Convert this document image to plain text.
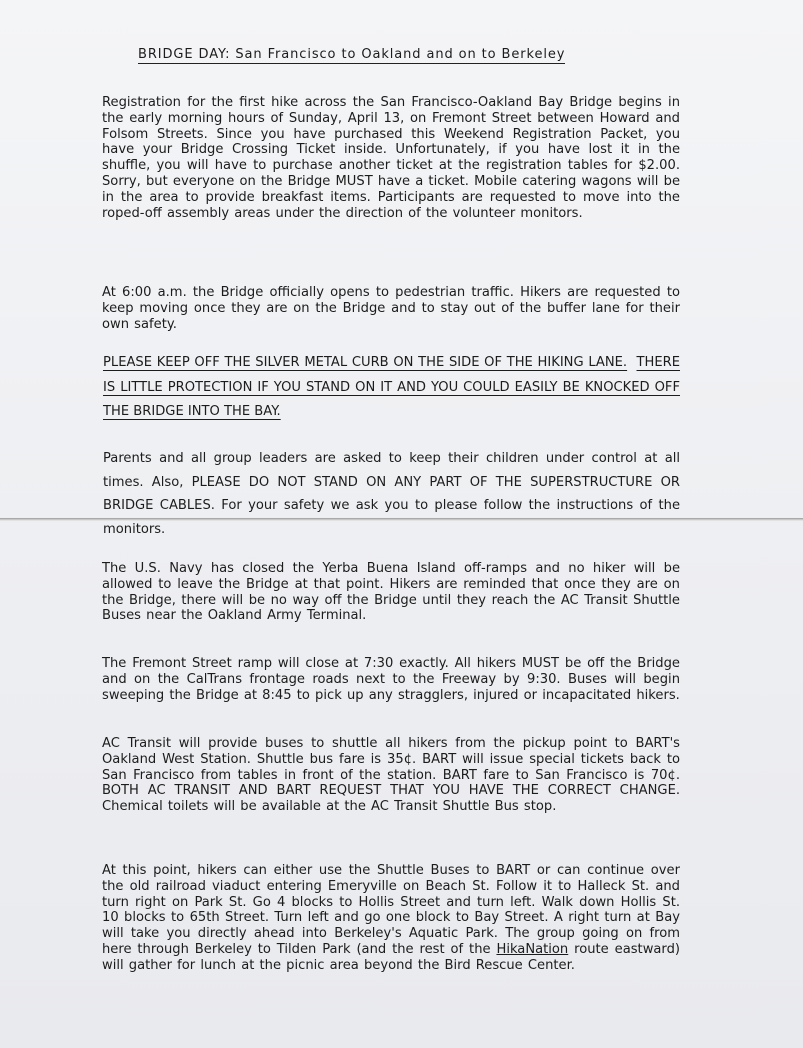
BRIDGE DAY: San Francisco to Oakland and on to Berkeley

Registration for the first hike across the San Francisco-Oakland Bay Bridge begins in the early morning hours of Sunday, April 13, on Fremont Street between Howard and Folsom Streets. Since you have purchased this Weekend Registration Packet, you have your Bridge Crossing Ticket inside. Unfortunately, if you have lost it in the shuffle, you will have to purchase another ticket at the registration tables for $2.00. Sorry, but everyone on the Bridge MUST have a ticket. Mobile catering wagons will be in the area to provide breakfast items. Participants are requested to move into the roped-off assembly areas under the direction of the volunteer monitors.

At 6:00 a.m. the Bridge officially opens to pedestrian traffic. Hikers are requested to keep moving once they are on the Bridge and to stay out of the buffer lane for their own safety.

PLEASE KEEP OFF THE SILVER METAL CURB ON THE SIDE OF THE HIKING LANE. THERE IS LITTLE PROTECTION IF YOU STAND ON IT AND YOU COULD EASILY BE KNOCKED OFF THE BRIDGE INTO THE BAY.

Parents and all group leaders are asked to keep their children under control at all times. Also, PLEASE DO NOT STAND ON ANY PART OF THE SUPERSTRUCTURE OR BRIDGE CABLES. For your safety we ask you to please follow the instructions of the monitors.

The U.S. Navy has closed the Yerba Buena Island off-ramps and no hiker will be allowed to leave the Bridge at that point. Hikers are reminded that once they are on the Bridge, there will be no way off the Bridge until they reach the AC Transit Shuttle Buses near the Oakland Army Terminal.

The Fremont Street ramp will close at 7:30 exactly. All hikers MUST be off the Bridge and on the CalTrans frontage roads next to the Freeway by 9:30. Buses will begin sweeping the Bridge at 8:45 to pick up any stragglers, injured or incapacitated hikers.

AC Transit will provide buses to shuttle all hikers from the pickup point to BART's Oakland West Station. Shuttle bus fare is 35¢. BART will issue special tickets back to San Francisco from tables in front of the station. BART fare to San Francisco is 70¢. BOTH AC TRANSIT AND BART REQUEST THAT YOU HAVE THE CORRECT CHANGE. Chemical toilets will be available at the AC Transit Shuttle Bus stop.

At this point, hikers can either use the Shuttle Buses to BART or can continue over the old railroad viaduct entering Emeryville on Beach St. Follow it to Halleck St. and turn right on Park St. Go 4 blocks to Hollis Street and turn left. Walk down Hollis St. 10 blocks to 65th Street. Turn left and go one block to Bay Street. A right turn at Bay will take you directly ahead into Berkeley's Aquatic Park. The group going on from here through Berkeley to Tilden Park (and the rest of the HikaNation route eastward) will gather for lunch at the picnic area beyond the Bird Rescue Center.
